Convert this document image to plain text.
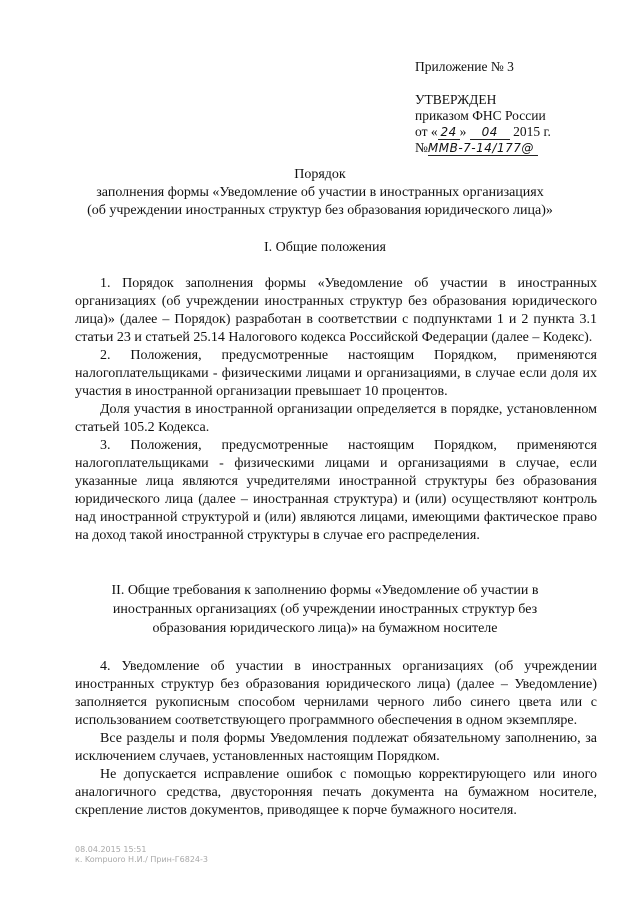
Приложение № 3
УТВЕРЖДЕН
приказом ФНС России
от « 24 » 04 2015 г.
№ММВ-7-14/177@
Порядок
заполнения формы «Уведомление об участии в иностранных организациях
(об учреждении иностранных структур без образования юридического лица)»
I. Общие положения

1. Порядок заполнения формы «Уведомление об участии в иностранных организациях (об учреждении иностранных структур без образования юридического лица)» (далее – Порядок) разработан в соответствии с подпунктами 1 и 2 пункта 3.1 статьи 23 и статьей 25.14 Налогового кодекса Российской Федерации (далее – Кодекс).

2. Положения, предусмотренные настоящим Порядком, применяются налогоплательщиками - физическими лицами и организациями, в случае если доля их участия в иностранной организации превышает 10 процентов.

Доля участия в иностранной организации определяется в порядке, установленном статьей 105.2 Кодекса.

3. Положения, предусмотренные настоящим Порядком, применяются налогоплательщиками - физическими лицами и организациями в случае, если указанные лица являются учредителями иностранной структуры без образования юридического лица (далее – иностранная структура) и (или) осуществляют контроль над иностранной структурой и (или) являются лицами, имеющими фактическое право на доход такой иностранной структуры в случае его распределения.

II. Общие требования к заполнению формы «Уведомление об участии в
иностранных организациях (об учреждении иностранных структур без
образования юридического лица)» на бумажном носителе

4. Уведомление об участии в иностранных организациях (об учреждении иностранных структур без образования юридического лица) (далее – Уведомление) заполняется рукописным способом чернилами черного либо синего цвета или с использованием соответствующего программного обеспечения в одном экземпляре.

Все разделы и поля формы Уведомления подлежат обязательному заполнению, за исключением случаев, установленных настоящим Порядком.

Не допускается исправление ошибок с помощью корректирующего или иного аналогичного средства, двусторонняя печать документа на бумажном носителе, скрепление листов документов, приводящее к порче бумажного носителя.

08.04.2015 15:51
к. Kompuoro Н.И./ Прин-Г6824-3
